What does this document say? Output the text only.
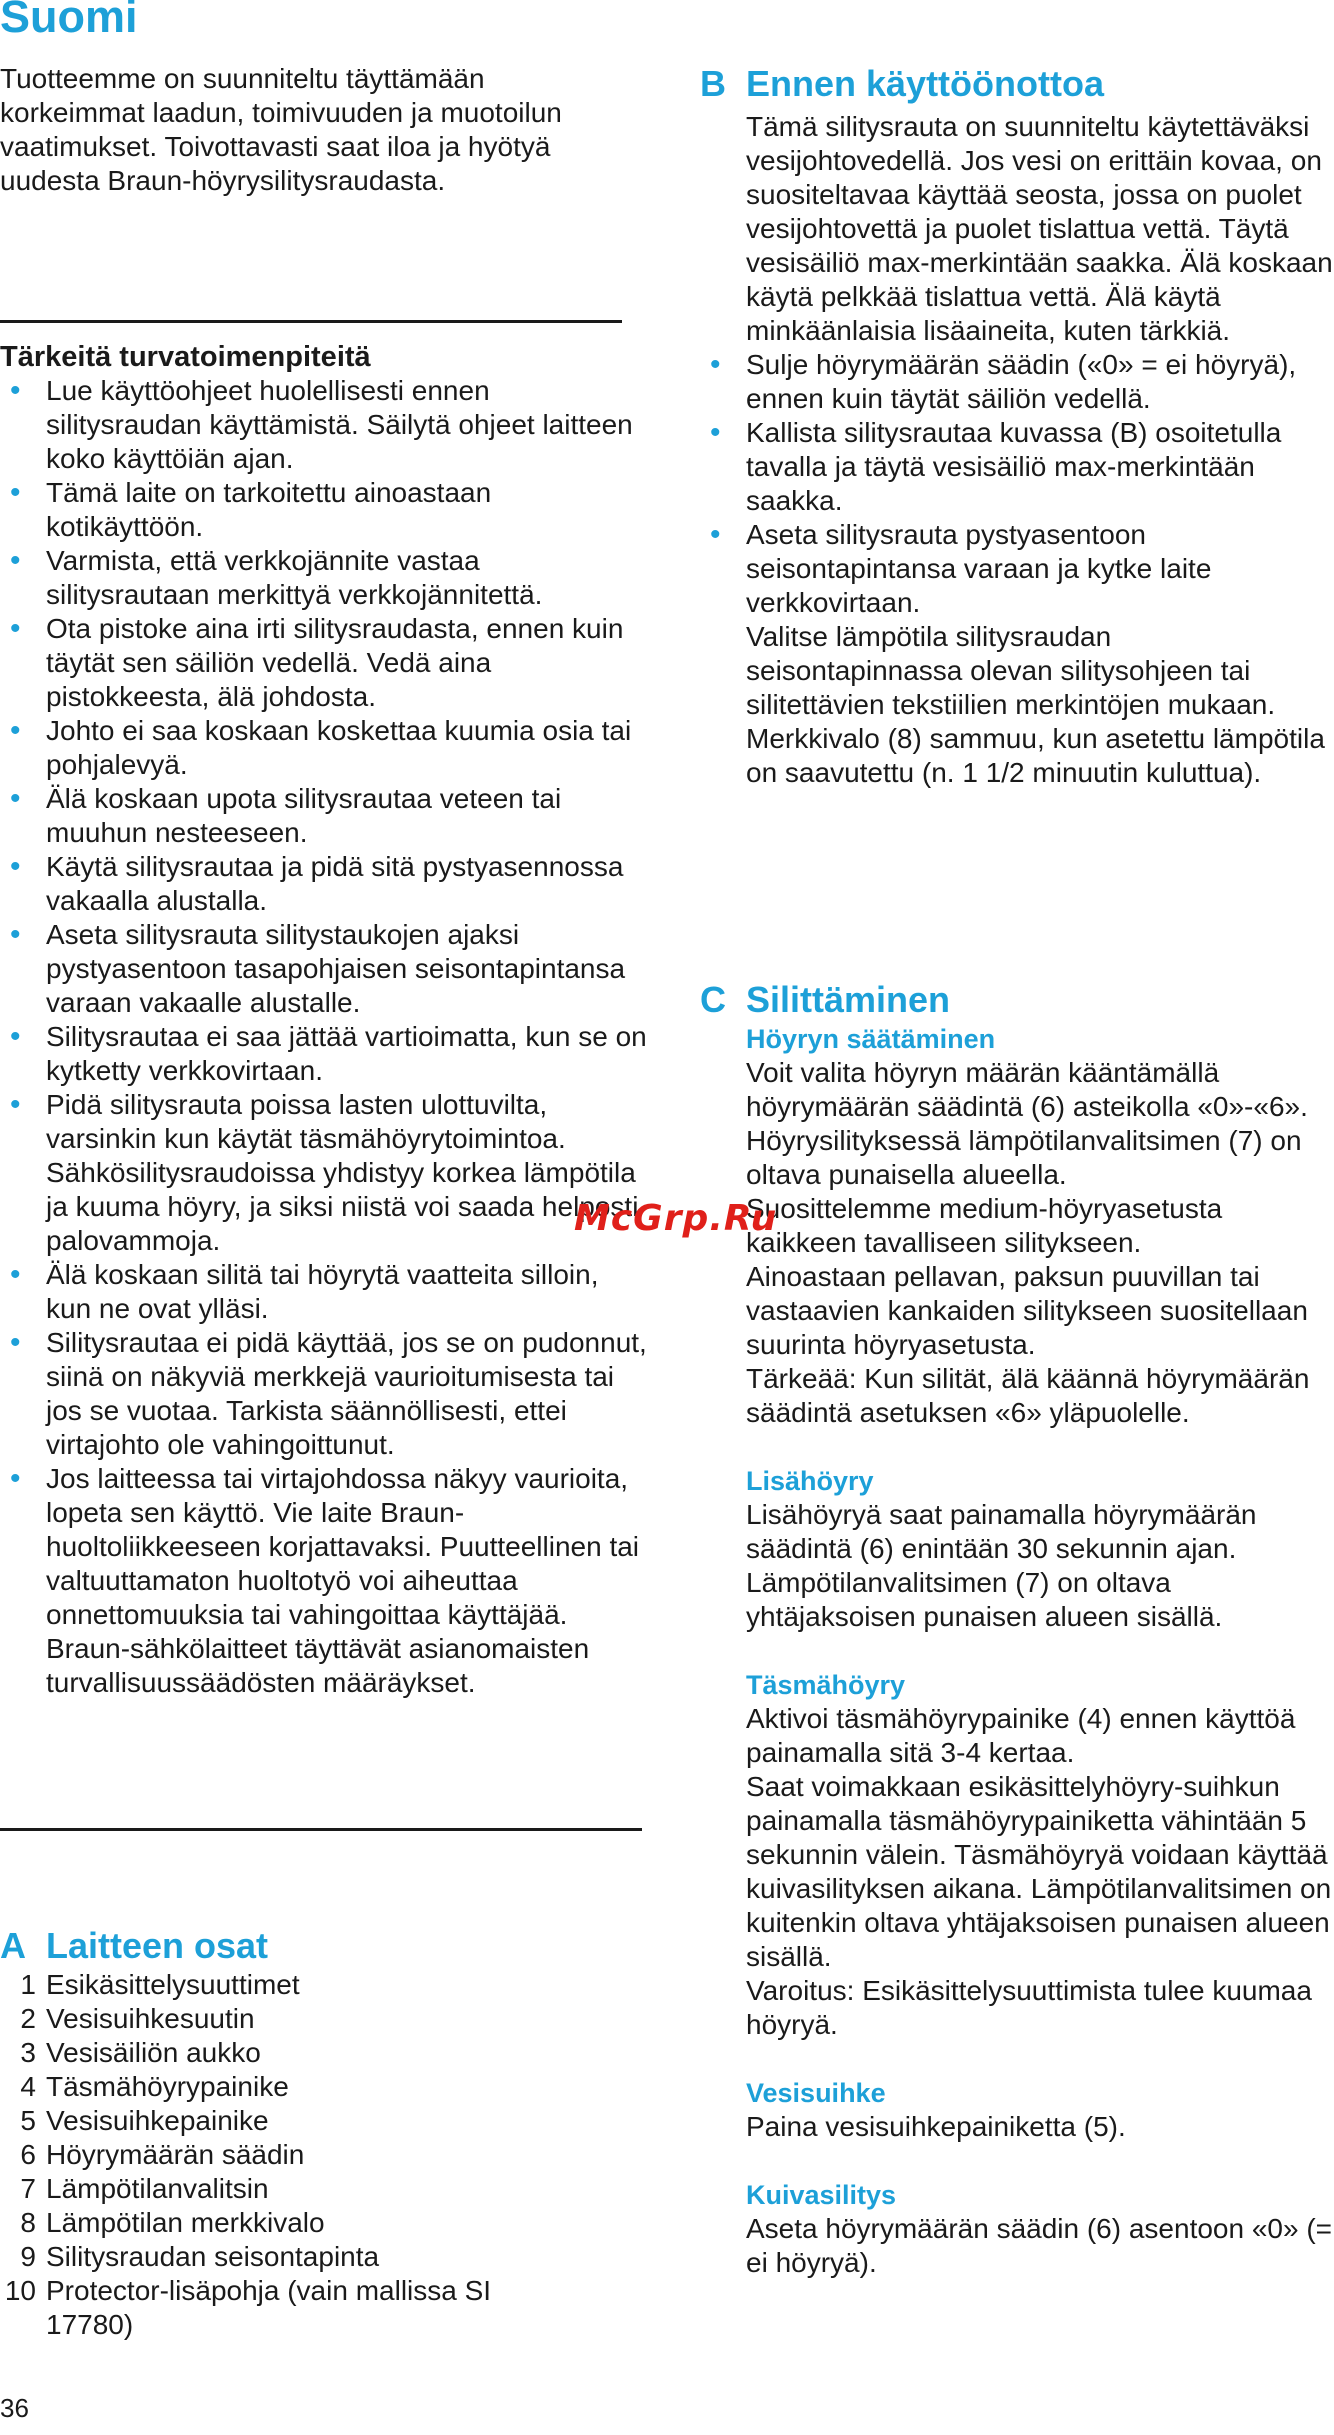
Suomi

Tuotteemme on suunniteltu täyttämään korkeimmat laadun, toimivuuden ja muotoilun vaatimukset. Toivottavasti saat iloa ja hyötyä uudesta Braun-höyrysilitysraudasta.

Tärkeitä turvatoimenpiteitä
• Lue käyttöohjeet huolellisesti ennen silitysraudan käyttämistä. Säilytä ohjeet laitteen koko käyttöiän ajan.
• Tämä laite on tarkoitettu ainoastaan kotikäyttöön.
• Varmista, että verkkojännite vastaa silitysrautaan merkittyä verkkojännitettä.
• Ota pistoke aina irti silitysraudasta, ennen kuin täytät sen säiliön vedellä. Vedä aina pistokkeesta, älä johdosta.
• Johto ei saa koskaan koskettaa kuumia osia tai pohjalevyä.
• Älä koskaan upota silitysrautaa veteen tai muuhun nesteeseen.
• Käytä silitysrautaa ja pidä sitä pystyasennossa vakaalla alustalla.
• Aseta silitysrauta silitystaukojen ajaksi pystyasentoon tasapohjaisen seisontapintansa varaan vakaalle alustalle.
• Silitysrautaa ei saa jättää vartioimatta, kun se on kytketty verkkovirtaan.
• Pidä silitysrauta poissa lasten ulottuvilta, varsinkin kun käytät täsmähöyrytoimintoa. Sähkösilitysraudoissa yhdistyy korkea lämpötila ja kuuma höyry, ja siksi niistä voi saada helposti palovammoja.
• Älä koskaan silitä tai höyrytä vaatteita silloin, kun ne ovat ylläsi.
• Silitysrautaa ei pidä käyttää, jos se on pudonnut, siinä on näkyviä merkkejä vaurioitumisesta tai jos se vuotaa. Tarkista säännöllisesti, ettei virtajohto ole vahingoittunut.
• Jos laitteessa tai virtajohdossa näkyy vaurioita, lopeta sen käyttö. Vie laite Braun-huoltoliikkeeseen korjattavaksi. Puutteellinen tai valtuuttamaton huoltotyö voi aiheuttaa onnettomuuksia tai vahingoittaa käyttäjää. Braun-sähkölaitteet täyttävät asianomaisten turvallisuussäädösten määräykset.
A Laitteen osat
1 Esikäsittelysuuttimet
2 Vesisuihkesuutin
3 Vesisäiliön aukko
4 Täsmähöyrypainike
5 Vesisuihkepainike
6 Höyrymäärän säädin
7 Lämpötilanvalitsin
8 Lämpötilan merkkivalo
9 Silitysraudan seisontapinta
10 Protector-lisäpohja (vain mallissa SI 17780)
36
B Ennen käyttöönottoa

Tämä silitysrauta on suunniteltu käytettäväksi vesijohtovedellä. Jos vesi on erittäin kovaa, on suositeltavaa käyttää seosta, jossa on puolet vesijohtovettä ja puolet tislattua vettä. Täytä vesisäiliö max-merkintään saakka. Älä koskaan käytä pelkkää tislattua vettä. Älä käytä minkäänlaisia lisäaineita, kuten tärkkiä.

• Sulje höyrymäärän säädin («0» = ei höyryä), ennen kuin täytät säiliön vedellä.
• Kallista silitysrautaa kuvassa (B) osoitetulla tavalla ja täytä vesisäiliö max-merkintään saakka.
• Aseta silitysrauta pystyasentoon seisontapintansa varaan ja kytke laite verkkovirtaan.

Valitse lämpötila silitysraudan seisontapinnassa olevan silitysohjeen tai silitettävien tekstiilien merkintöjen mukaan.

Merkkivalo (8) sammuu, kun asetettu lämpötila on saavutettu (n. 1 1/2 minuutin kuluttua).

C Silittäminen
Höyryn säätäminen

Voit valita höyryn määrän kääntämällä höyrymäärän säädintä (6) asteikolla «0»-«6».

Höyrysilityksessä lämpötilanvalitsimen (7) on oltava punaisella alueella.

Suosittelemme medium-höyryasetusta kaikkeen tavalliseen silitykseen.

Ainoastaan pellavan, paksun puuvillan tai vastaavien kankaiden silitykseen suositellaan suurinta höyryasetusta.

Tärkeää: Kun silität, älä käännä höyrymäärän säädintä asetuksen «6» yläpuolelle.

Lisähöyry

Lisähöyryä saat painamalla höyrymäärän säädintä (6) enintään 30 sekunnin ajan.

Lämpötilanvalitsimen (7) on oltava yhtäjaksoisen punaisen alueen sisällä.

Täsmähöyry

Aktivoi täsmähöyrypainike (4) ennen käyttöä painamalla sitä 3-4 kertaa.

Saat voimakkaan esikäsittelyhöyry-suihkun painamalla täsmähöyrypainiketta vähintään 5 sekunnin välein. Täsmähöyryä voidaan käyttää kuivasilityksen aikana. Lämpötilanvalitsimen on kuitenkin oltava yhtäjaksoisen punaisen alueen sisällä.

Varoitus: Esikäsittelysuuttimista tulee kuumaa höyryä.

Vesisuihke

Paina vesisuihkepainiketta (5).

Kuivasilitys

Aseta höyrymäärän säädin (6) asentoon «0» (= ei höyryä).

McGrp.Ru
